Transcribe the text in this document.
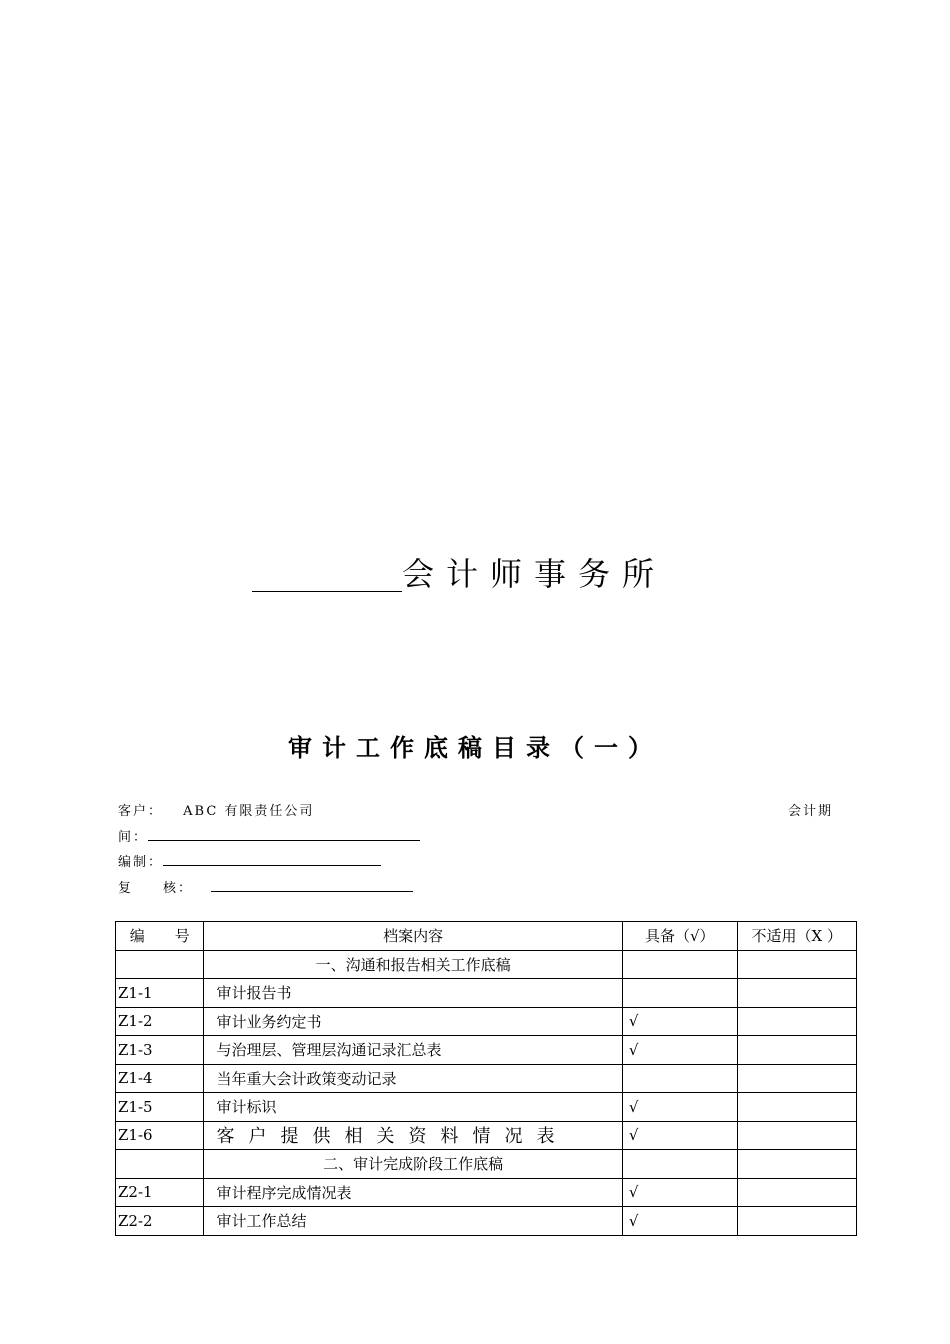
会计师事务所
审计工作底稿目录（一）
客户： ABC 有限责任公司	会计期
间：
编制：
复　　核：
编　　号	档案内容	具备（√）	不适用（X ）
	一、沟通和报告相关工作底稿		
Z1-1	审计报告书		
Z1-2	审计业务约定书	√	
Z1-3	与治理层、管理层沟通记录汇总表	√	
Z1-4	当年重大会计政策变动记录		
Z1-5	审计标识	√	
Z1-6	客户提供相关资料情况表	√	
	二、审计完成阶段工作底稿		
Z2-1	审计程序完成情况表	√	
Z2-2	审计工作总结	√	
